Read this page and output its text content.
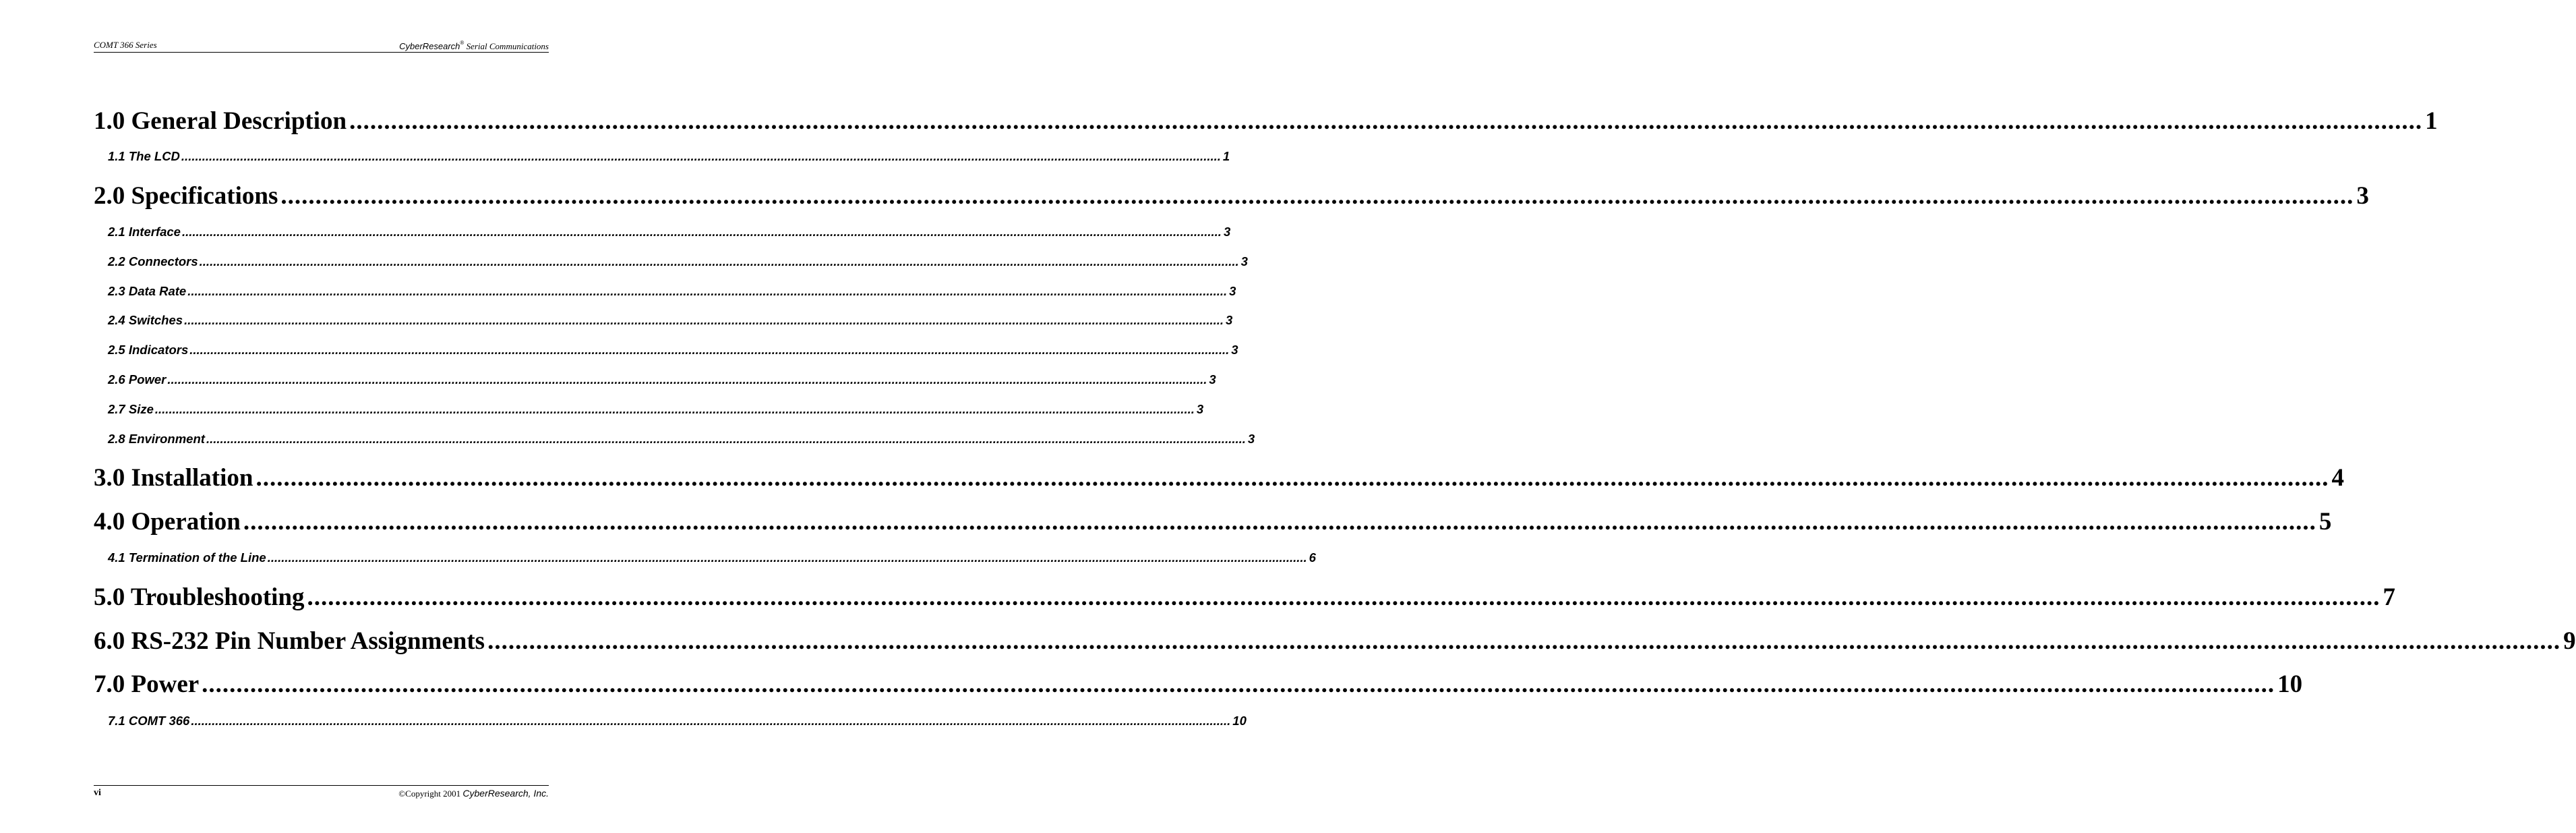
COMT 366 Series	CyberResearch® Serial Communications
1.0 General Description ............................................................................................................................................................................................................................................................................................................ 1
1.1 The LCD ............................................................................................................................................................................................................................................................................................................ 1
2.0 Specifications ............................................................................................................................................................................................................................................................................................................ 3
2.1 Interface ............................................................................................................................................................................................................................................................................................................ 3
2.2 Connectors ............................................................................................................................................................................................................................................................................................................ 3
2.3 Data Rate ............................................................................................................................................................................................................................................................................................................ 3
2.4 Switches ............................................................................................................................................................................................................................................................................................................ 3
2.5 Indicators ............................................................................................................................................................................................................................................................................................................ 3
2.6 Power ............................................................................................................................................................................................................................................................................................................ 3
2.7 Size ............................................................................................................................................................................................................................................................................................................ 3
2.8 Environment ............................................................................................................................................................................................................................................................................................................ 3
3.0 Installation ............................................................................................................................................................................................................................................................................................................ 4
4.0 Operation ............................................................................................................................................................................................................................................................................................................ 5
4.1 Termination of the Line ............................................................................................................................................................................................................................................................................................................ 6
5.0 Troubleshooting ............................................................................................................................................................................................................................................................................................................ 7
6.0 RS-232 Pin Number Assignments ............................................................................................................................................................................................................................................................................................................ 9
7.0 Power ............................................................................................................................................................................................................................................................................................................ 10
7.1 COMT 366 ............................................................................................................................................................................................................................................................................................................ 10
vi	©Copyright 2001 CyberResearch, Inc.
